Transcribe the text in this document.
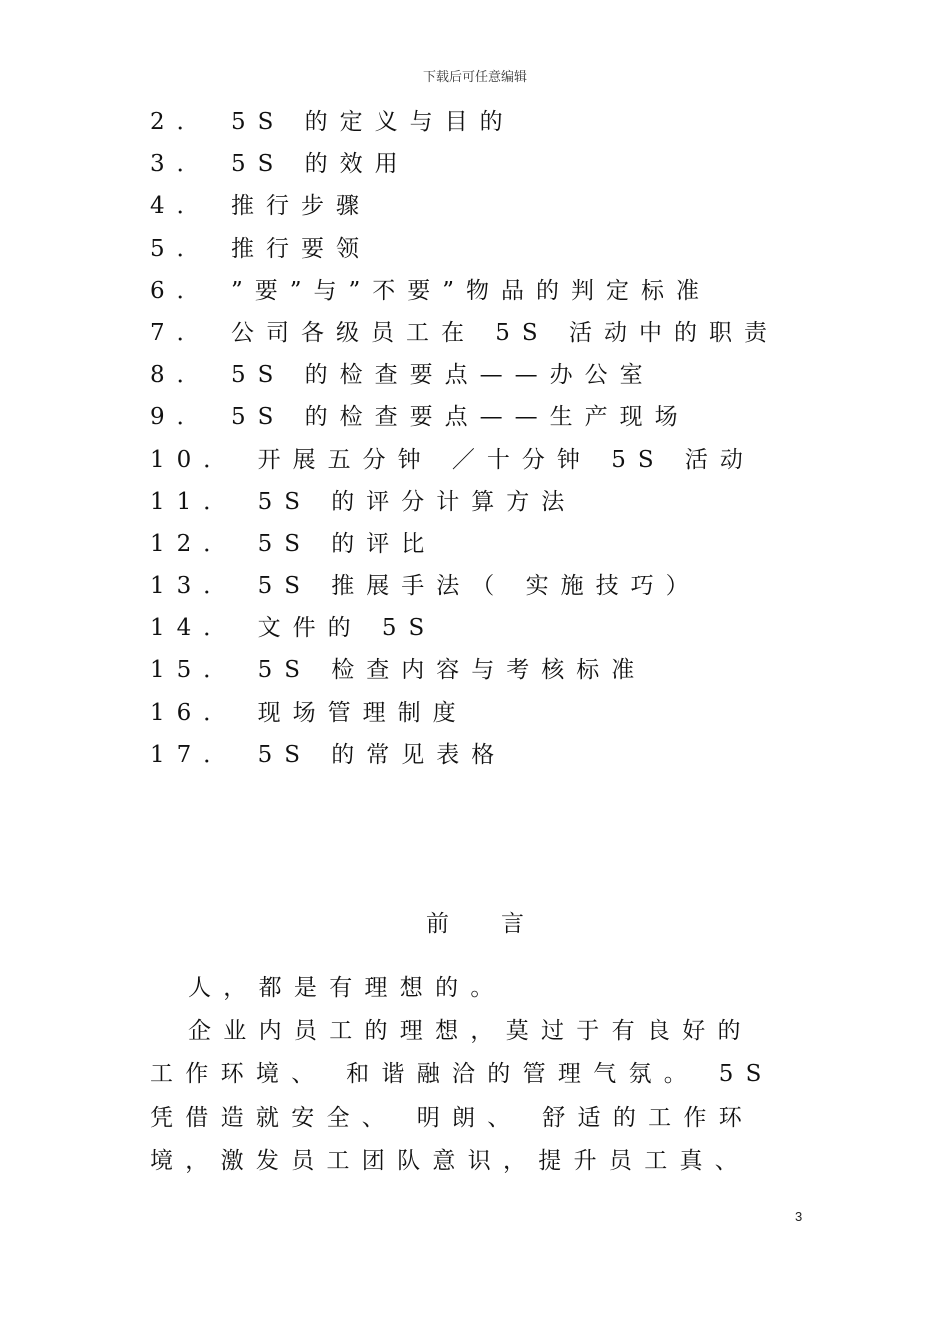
下载后可任意编辑
2． 5S 的定义与目的
3． 5S 的效用
4． 推行步骤
5． 推行要领
6． ”要”与”不要”物品的判定标准
7． 公司各级员工在 5S 活动中的职责
8． 5S 的检查要点——办公室
9． 5S 的检查要点——生产现场
10． 开展五分钟 ／十分钟 5S 活动
11． 5S 的评分计算方法
12． 5S 的评比
13． 5S 推展手法（ 实施技巧）
14． 文件的 5S
15． 5S 检查内容与考核标准
16． 现场管理制度
17． 5S 的常见表格
前言
人，都是有理想的。
企业内员工的理想，莫过于有良好的
工作环境、 和谐融洽的管理气氛。 5S
凭借造就安全、 明朗、 舒适的工作环
境，激发员工团队意识，提升员工真、
3
